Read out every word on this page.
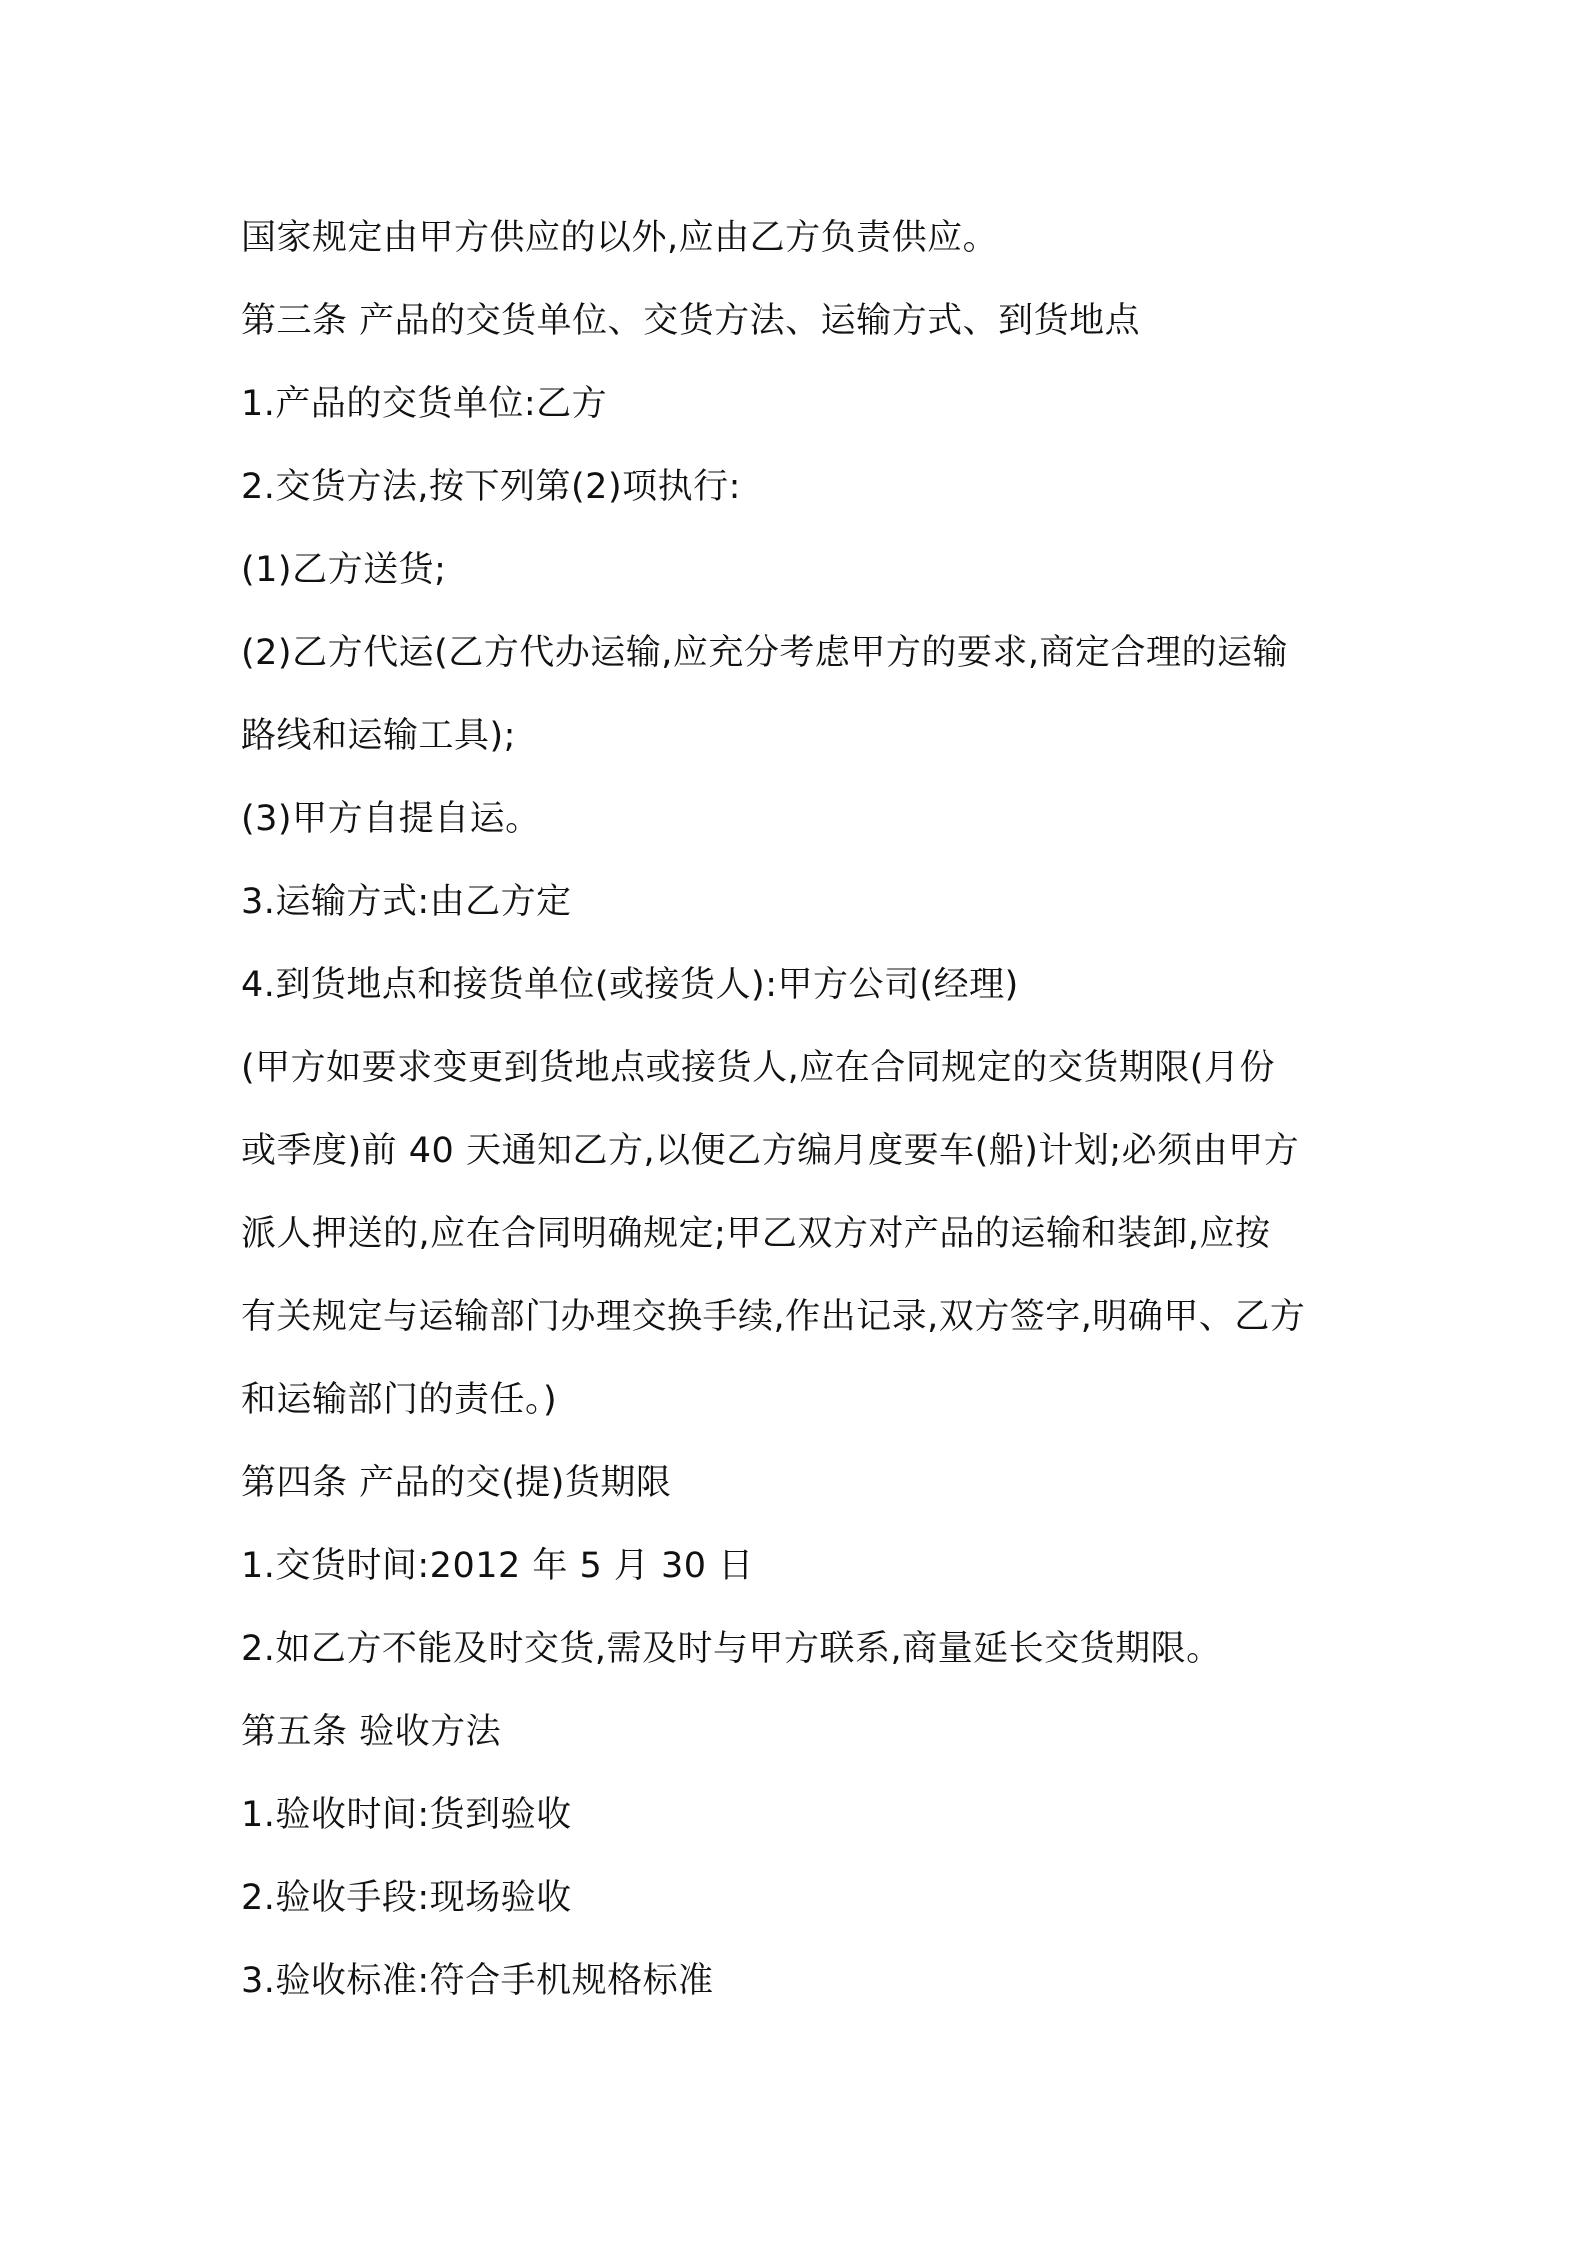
国家规定由甲方供应的以外,应由乙方负责供应。
第三条 产品的交货单位、交货方法、运输方式、到货地点
1.产品的交货单位:乙方
2.交货方法,按下列第(2)项执行:
(1)乙方送货;
(2)乙方代运(乙方代办运输,应充分考虑甲方的要求,商定合理的运输
路线和运输工具);
(3)甲方自提自运。
3.运输方式:由乙方定
4.到货地点和接货单位(或接货人):甲方公司(经理)
(甲方如要求变更到货地点或接货人,应在合同规定的交货期限(月份
或季度)前 40 天通知乙方,以便乙方编月度要车(船)计划;必须由甲方
派人押送的,应在合同明确规定;甲乙双方对产品的运输和装卸,应按
有关规定与运输部门办理交换手续,作出记录,双方签字,明确甲、乙方
和运输部门的责任。)
第四条 产品的交(提)货期限
1.交货时间:2012 年 5 月 30 日
2.如乙方不能及时交货,需及时与甲方联系,商量延长交货期限。
第五条 验收方法
1.验收时间:货到验收
2.验收手段:现场验收
3.验收标准:符合手机规格标准
